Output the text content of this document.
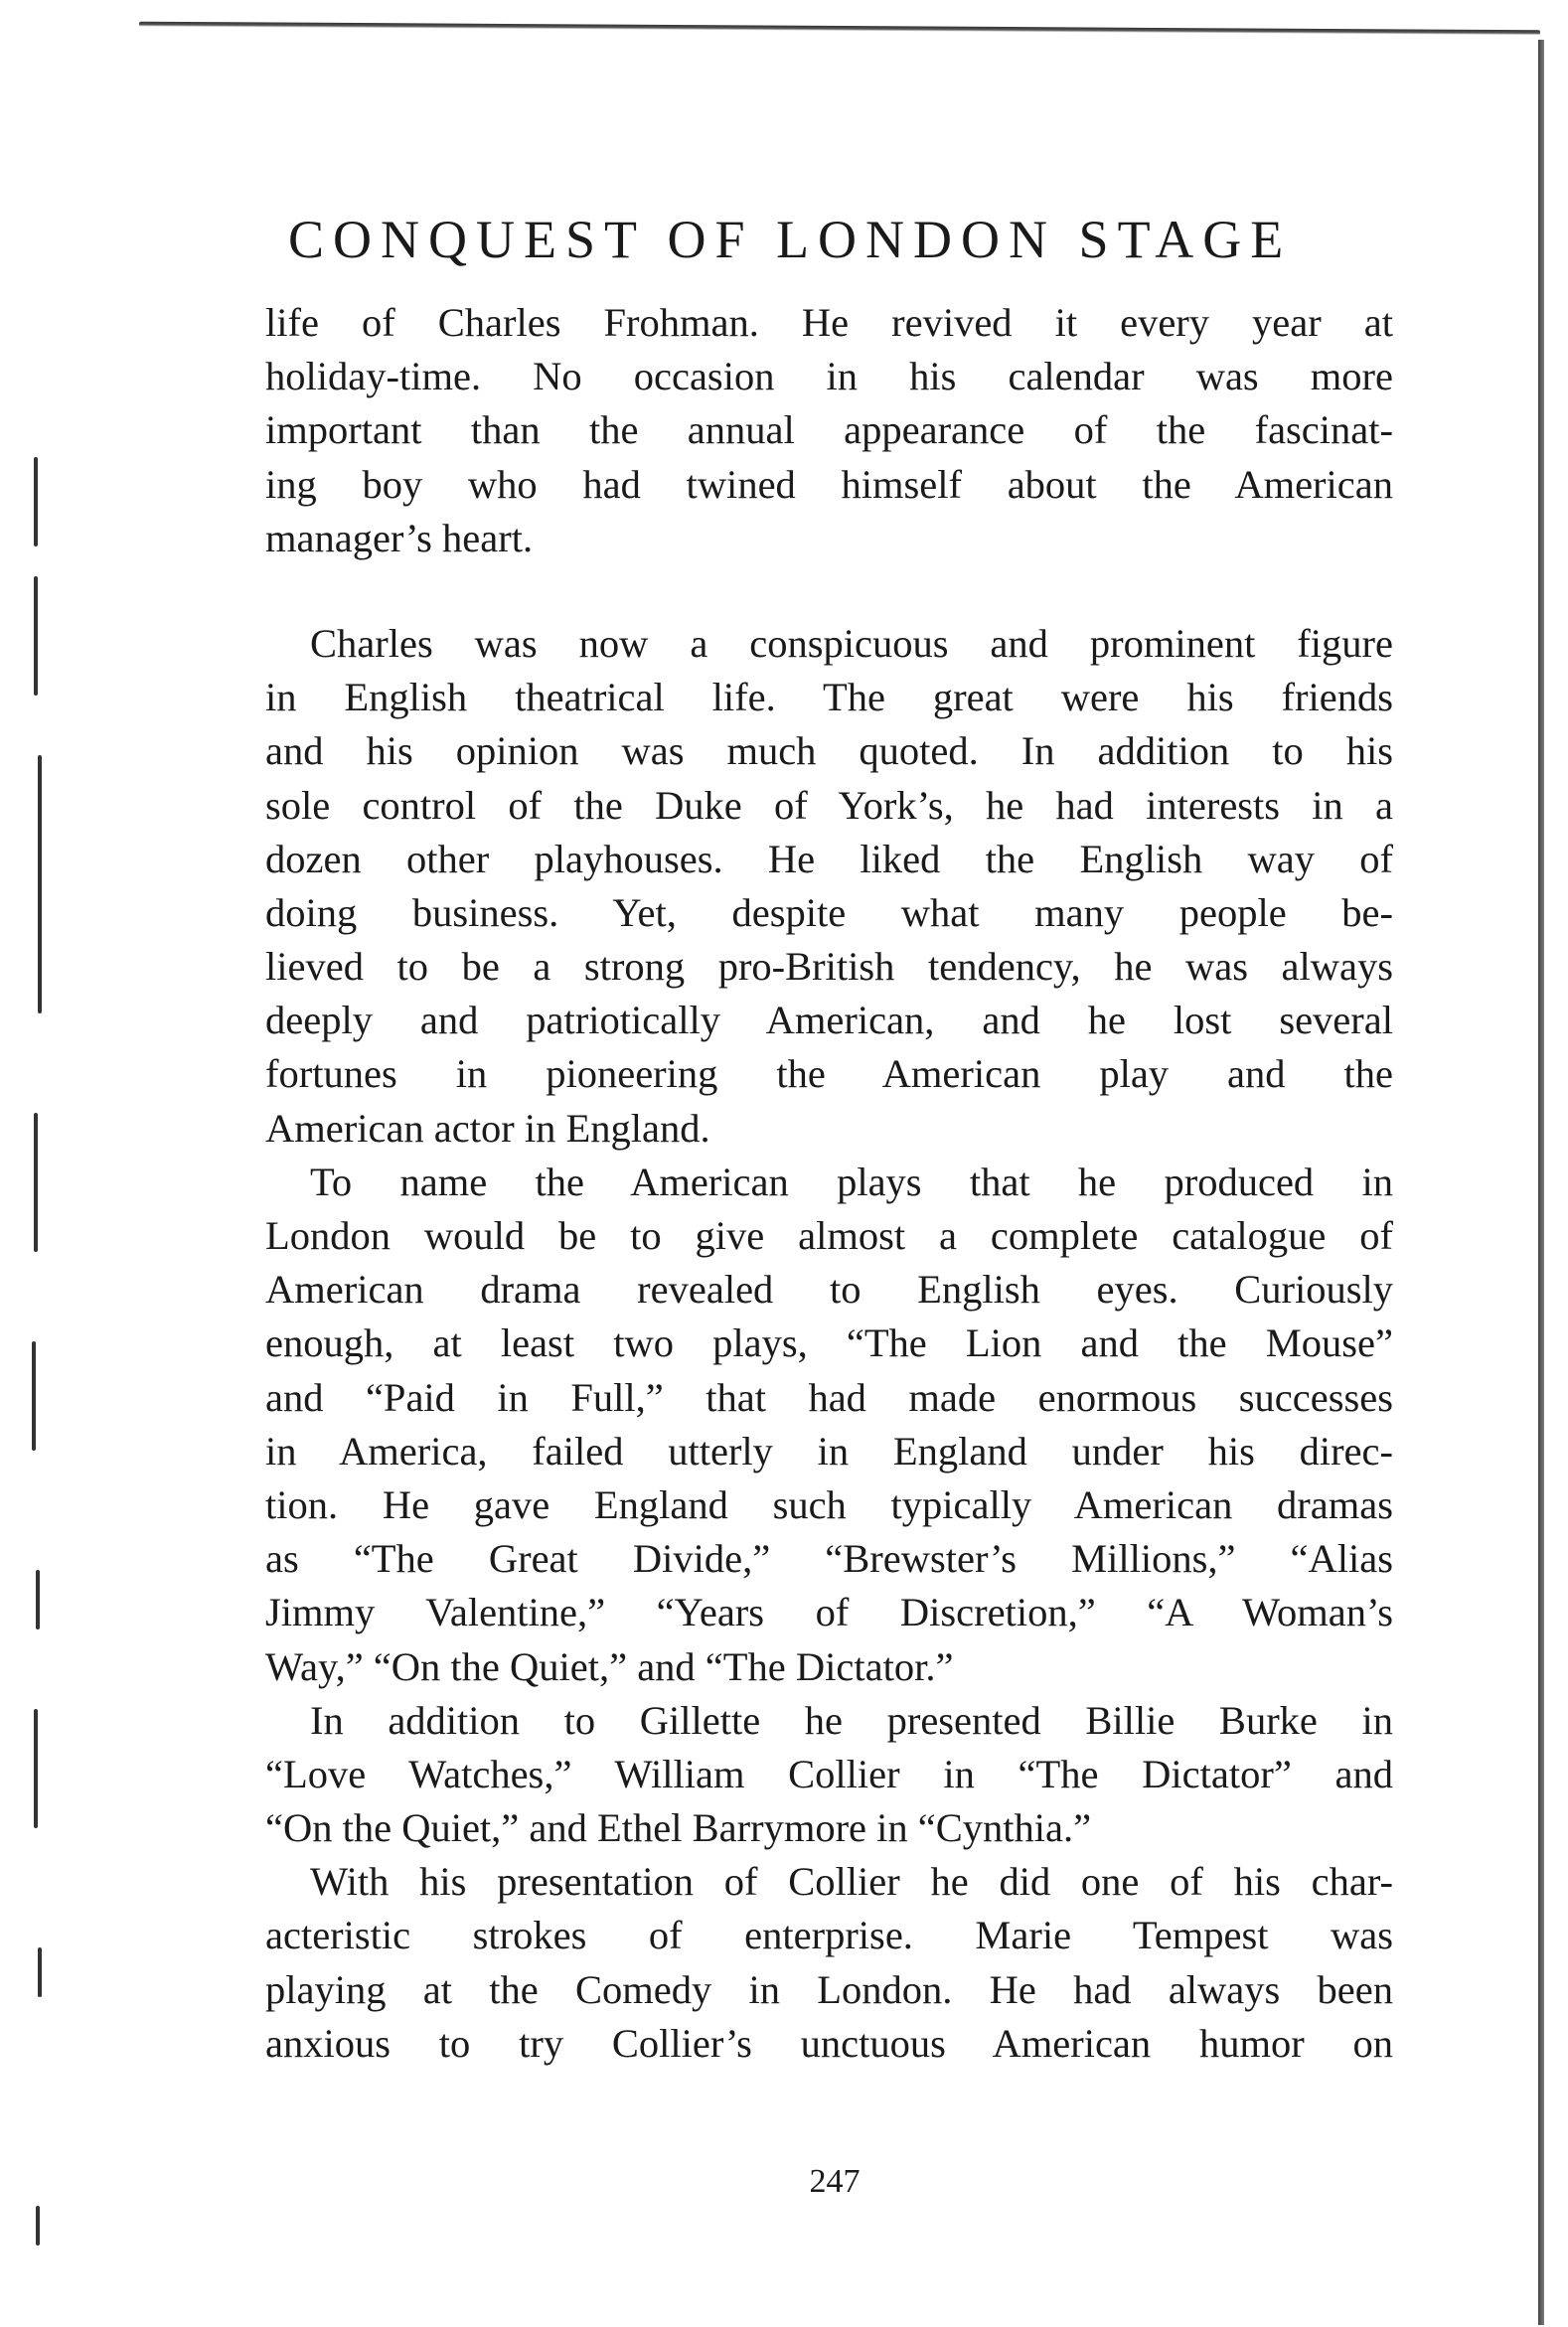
CONQUEST OF LONDON STAGE
life of Charles Frohman. He revived it every year at
holiday-time. No occasion in his calendar was more
important than the annual appearance of the fascinat-
ing boy who had twined himself about the American
manager’s heart.
Charles was now a conspicuous and prominent figure
in English theatrical life. The great were his friends
and his opinion was much quoted. In addition to his
sole control of the Duke of York’s, he had interests in a
dozen other playhouses. He liked the English way of
doing business. Yet, despite what many people be-
lieved to be a strong pro-British tendency, he was always
deeply and patriotically American, and he lost several
fortunes in pioneering the American play and the
American actor in England.
To name the American plays that he produced in
London would be to give almost a complete catalogue of
American drama revealed to English eyes. Curiously
enough, at least two plays, “The Lion and the Mouse”
and “Paid in Full,” that had made enormous successes
in America, failed utterly in England under his direc-
tion. He gave England such typically American dramas
as “The Great Divide,” “Brewster’s Millions,” “Alias
Jimmy Valentine,” “Years of Discretion,” “A Woman’s
Way,” “On the Quiet,” and “The Dictator.”
In addition to Gillette he presented Billie Burke in
“Love Watches,” William Collier in “The Dictator” and
“On the Quiet,” and Ethel Barrymore in “Cynthia.”
With his presentation of Collier he did one of his char-
acteristic strokes of enterprise. Marie Tempest was
playing at the Comedy in London. He had always been
anxious to try Collier’s unctuous American humor on
247
